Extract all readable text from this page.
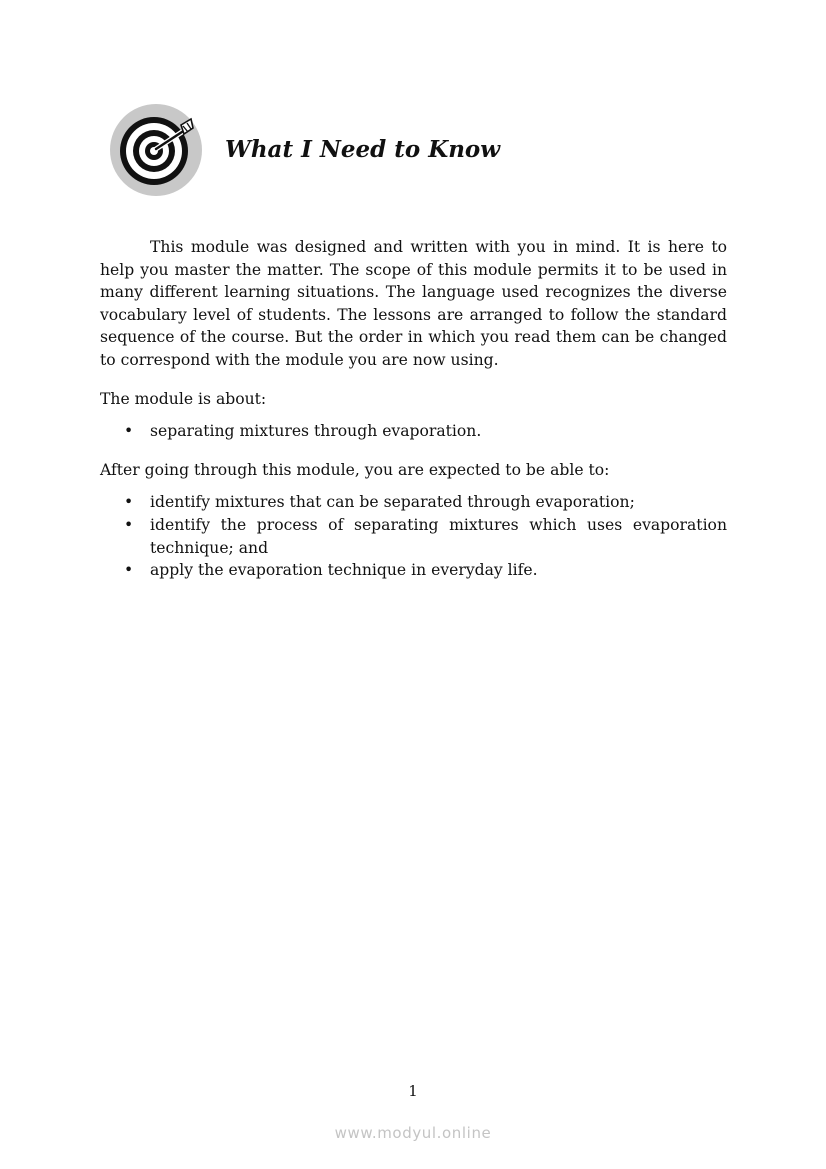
What I Need to Know

This module was designed and written with you in mind. It is here to help you master the matter. The scope of this module permits it to be used in many different learning situations. The language used recognizes the diverse vocabulary level of students. The lessons are arranged to follow the standard sequence of the course. But the order in which you read them can be changed to correspond with the module you are now using.

The module is about:

• separating mixtures through evaporation.

After going through this module, you are expected to be able to:

• identify mixtures that can be separated through evaporation;
• identify the process of separating mixtures which uses evaporation technique; and
• apply the evaporation technique in everyday life.

1

www.modyul.online
